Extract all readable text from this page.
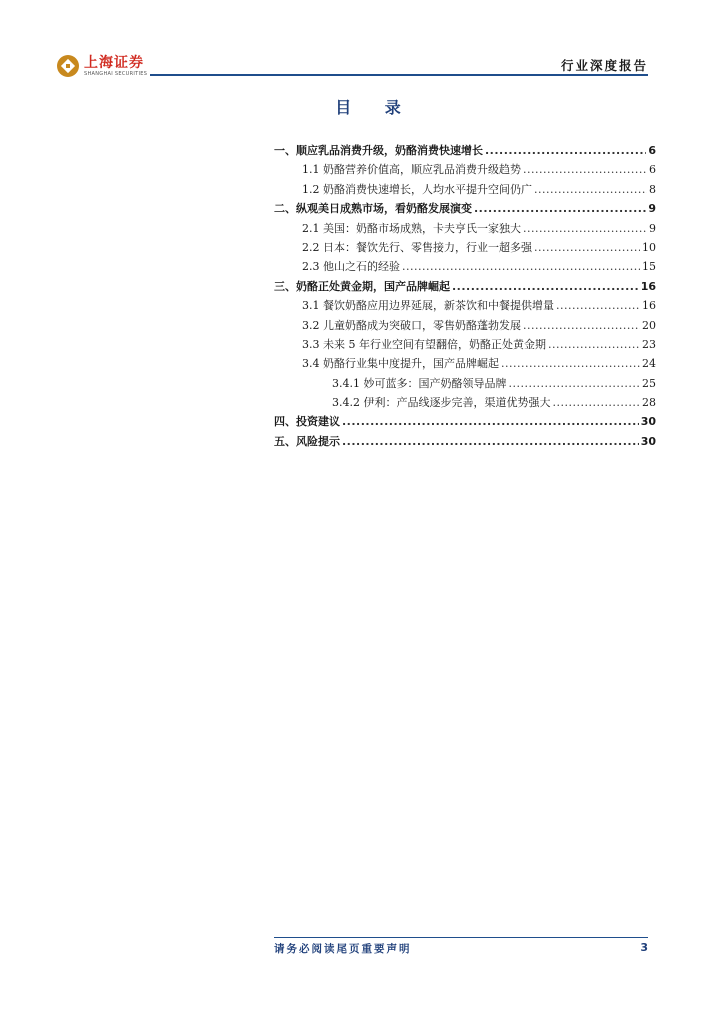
上海证券
SHANGHAI SECURITIES
行业深度报告
目 录
一、顺应乳品消费升级，奶酪消费快速增长 .....	6
1.1 奶酪营养价值高，顺应乳品消费升级趋势 .....	6
1.2 奶酪消费快速增长，人均水平提升空间仍广 .....	8
二、纵观美日成熟市场，看奶酪发展演变 .....	9
2.1 美国：奶酪市场成熟，卡夫亨氏一家独大 .....	9
2.2 日本：餐饮先行、零售接力，行业一超多强 .....	10
2.3 他山之石的经验 .....	15
三、奶酪正处黄金期，国产品牌崛起 .....	16
3.1 餐饮奶酪应用边界延展，新茶饮和中餐提供增量 .....	16
3.2 儿童奶酪成为突破口，零售奶酪蓬勃发展 .....	20
3.3 未来 5 年行业空间有望翻倍，奶酪正处黄金期 .....	23
3.4 奶酪行业集中度提升，国产品牌崛起 .....	24
3.4.1 妙可蓝多：国产奶酪领导品牌 .....	25
3.4.2 伊利：产品线逐步完善，渠道优势强大 .....	28
四、投资建议 .....	30
五、风险提示 .....	30
请务必阅读尾页重要声明	3
